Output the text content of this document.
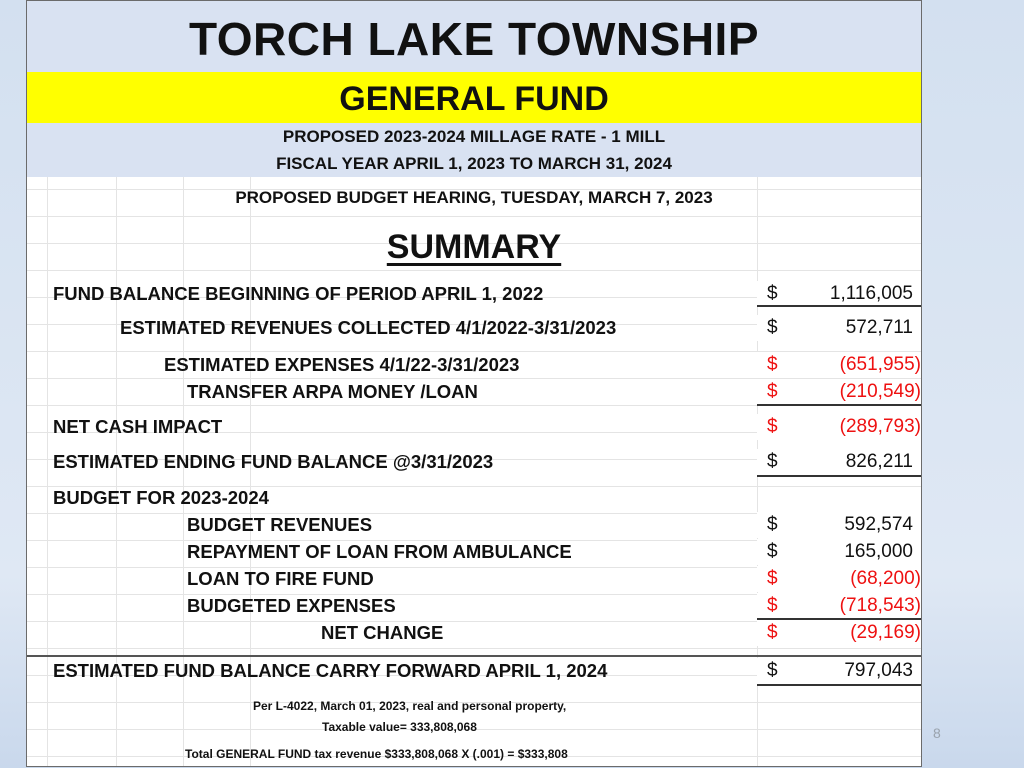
TORCH LAKE TOWNSHIP
GENERAL FUND
PROPOSED 2023-2024 MILLAGE RATE - 1 MILL
FISCAL YEAR APRIL 1, 2023 TO MARCH 31, 2024
PROPOSED BUDGET HEARING, TUESDAY, MARCH 7, 2023
SUMMARY
FUND BALANCE BEGINNING OF PERIOD APRIL 1, 2022	$	1,116,005
ESTIMATED REVENUES COLLECTED 4/1/2022-3/31/2023	$	572,711
ESTIMATED EXPENSES 4/1/22-3/31/2023	$	(651,955)
TRANSFER ARPA MONEY /LOAN	$	(210,549)
NET CASH IMPACT	$	(289,793)
ESTIMATED ENDING FUND BALANCE @3/31/2023	$	826,211
BUDGET FOR 2023-2024
BUDGET REVENUES	$	592,574
REPAYMENT OF LOAN FROM AMBULANCE	$	165,000
LOAN TO FIRE FUND	$	(68,200)
BUDGETED EXPENSES	$	(718,543)
NET CHANGE	$	(29,169)
ESTIMATED FUND BALANCE CARRY FORWARD APRIL 1, 2024	$	797,043
Per L-4022, March 01, 2023, real and personal property,
Taxable value= 333,808,068
Total GENERAL FUND tax revenue $333,808,068 X (.001) = $333,808
8
